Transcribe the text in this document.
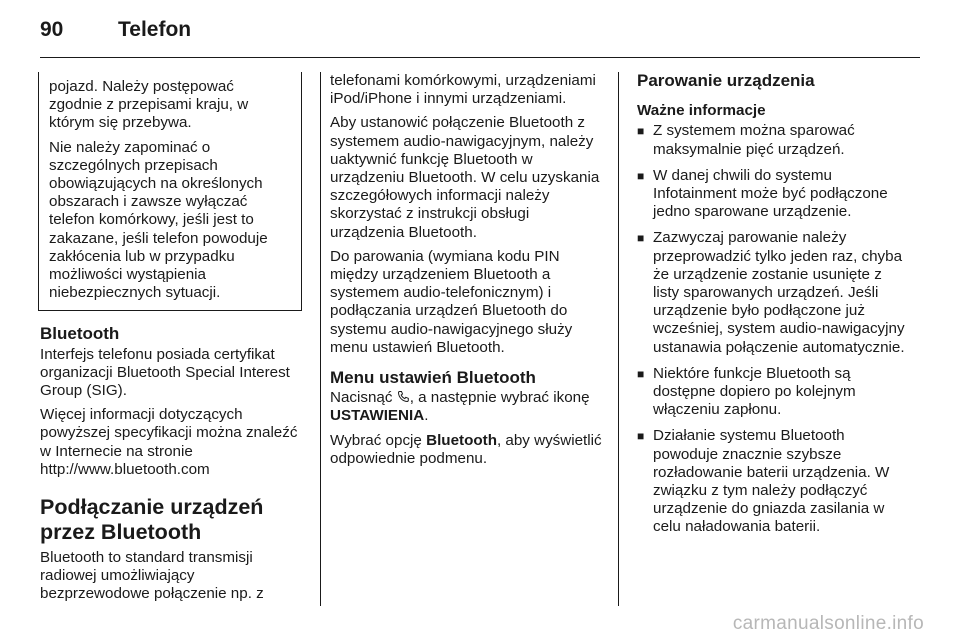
90	Telefon

pojazd. Należy postępować zgodnie z przepisami kraju, w którym się przebywa.

Nie należy zapominać o szczególnych przepisach obowiązujących na określonych obszarach i zawsze wyłączać telefon komórkowy, jeśli jest to zakazane, jeśli telefon powoduje zakłócenia lub w przypadku możliwości wystąpienia niebezpiecznych sytuacji.

Bluetooth

Interfejs telefonu posiada certyfikat organizacji Bluetooth Special Interest Group (SIG).

Więcej informacji dotyczących powyższej specyfikacji można znaleźć w Internecie na stronie http://www.bluetooth.com

Podłączanie urządzeń przez Bluetooth

Bluetooth to standard transmisji radiowej umożliwiający bezprzewodowe połączenie np. z

telefonami komórkowymi, urządzeniami iPod/iPhone i innymi urządzeniami.

Aby ustanowić połączenie Bluetooth z systemem audio-nawigacyjnym, należy uaktywnić funkcję Bluetooth w urządzeniu Bluetooth. W celu uzyskania szczegółowych informacji należy skorzystać z instrukcji obsługi urządzenia Bluetooth.

Do parowania (wymiana kodu PIN między urządzeniem Bluetooth a systemem audio-telefonicznym) i podłączania urządzeń Bluetooth do systemu audio-nawigacyjnego służy menu ustawień Bluetooth.

Menu ustawień Bluetooth

Nacisnąć , a następnie wybrać ikonę USTAWIENIA.

Wybrać opcję Bluetooth, aby wyświetlić odpowiednie podmenu.

Parowanie urządzenia
Ważne informacje
■ Z systemem można sparować maksymalnie pięć urządzeń.
■ W danej chwili do systemu Infotainment może być podłączone jedno sparowane urządzenie.
■ Zazwyczaj parowanie należy przeprowadzić tylko jeden raz, chyba że urządzenie zostanie usunięte z listy sparowanych urządzeń. Jeśli urządzenie było podłączone już wcześniej, system audio-nawigacyjny ustanawia połączenie automatycznie.
■ Niektóre funkcje Bluetooth są dostępne dopiero po kolejnym włączeniu zapłonu.
■ Działanie systemu Bluetooth powoduje znacznie szybsze rozładowanie baterii urządzenia. W związku z tym należy podłączyć urządzenie do gniazda zasilania w celu naładowania baterii.
carmanualsonline.info
